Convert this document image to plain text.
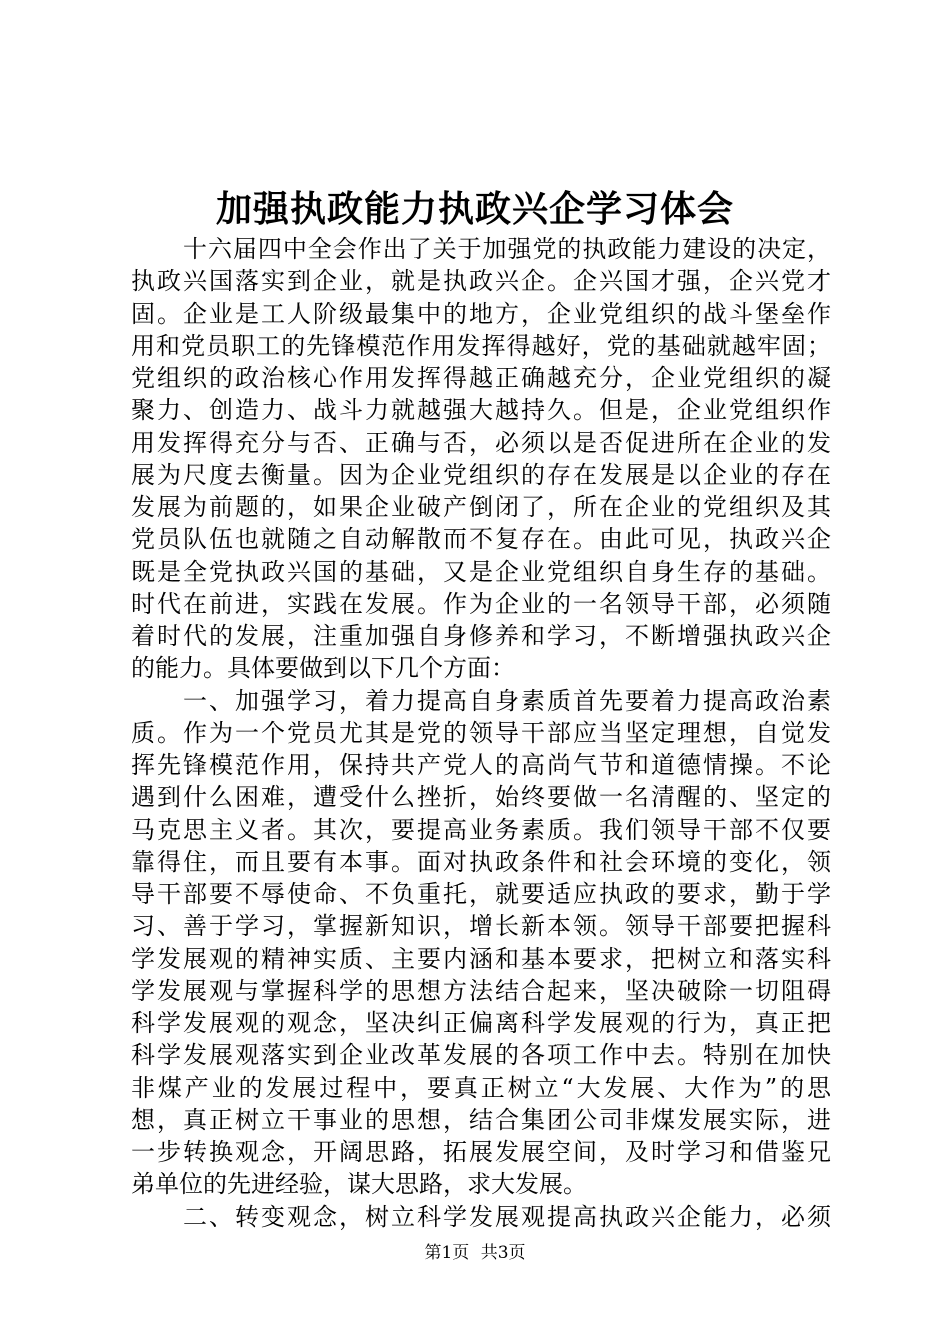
加强执政能力执政兴企学习体会
十六届四中全会作出了关于加强党的执政能力建设的决定，
执政兴国落实到企业，就是执政兴企。企兴国才强，企兴党才
固。企业是工人阶级最集中的地方，企业党组织的战斗堡垒作
用和党员职工的先锋模范作用发挥得越好，党的基础就越牢固；
党组织的政治核心作用发挥得越正确越充分，企业党组织的凝
聚力、创造力、战斗力就越强大越持久。但是，企业党组织作
用发挥得充分与否、正确与否，必须以是否促进所在企业的发
展为尺度去衡量。因为企业党组织的存在发展是以企业的存在
发展为前题的，如果企业破产倒闭了，所在企业的党组织及其
党员队伍也就随之自动解散而不复存在。由此可见，执政兴企
既是全党执政兴国的基础，又是企业党组织自身生存的基础。
时代在前进，实践在发展。作为企业的一名领导干部，必须随
着时代的发展，注重加强自身修养和学习，不断增强执政兴企
的能力。具体要做到以下几个方面：
一、加强学习，着力提高自身素质首先要着力提高政治素
质。作为一个党员尤其是党的领导干部应当坚定理想，自觉发
挥先锋模范作用，保持共产党人的高尚气节和道德情操。不论
遇到什么困难，遭受什么挫折，始终要做一名清醒的、坚定的
马克思主义者。其次，要提高业务素质。我们领导干部不仅要
靠得住，而且要有本事。面对执政条件和社会环境的变化，领
导干部要不辱使命、不负重托，就要适应执政的要求，勤于学
习、善于学习，掌握新知识，增长新本领。领导干部要把握科
学发展观的精神实质、主要内涵和基本要求，把树立和落实科
学发展观与掌握科学的思想方法结合起来，坚决破除一切阻碍
科学发展观的观念，坚决纠正偏离科学发展观的行为，真正把
科学发展观落实到企业改革发展的各项工作中去。特别在加快
非煤产业的发展过程中，要真正树立“大发展、大作为”的思
想，真正树立干事业的思想，结合集团公司非煤发展实际，进
一步转换观念，开阔思路，拓展发展空间，及时学习和借鉴兄
弟单位的先进经验，谋大思路，求大发展。
二、转变观念，树立科学发展观提高执政兴企能力，必须
第1页 共3页
